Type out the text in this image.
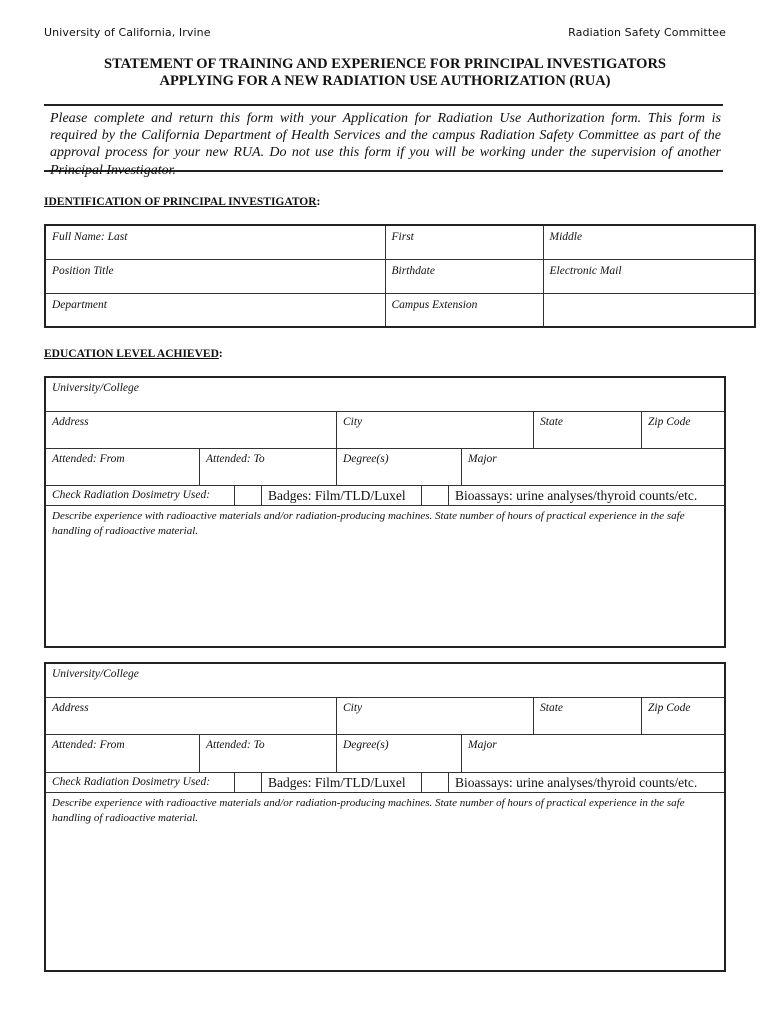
University of California, Irvine	Radiation Safety Committee
STATEMENT OF TRAINING AND EXPERIENCE FOR PRINCIPAL INVESTIGATORS
APPLYING FOR A NEW RADIATION USE AUTHORIZATION (RUA)
Please complete and return this form with your Application for Radiation Use Authorization form. This form is required by the California Department of Health Services and the campus Radiation Safety Committee as part of the approval process for your new RUA. Do not use this form if you will be working under the supervision of another Principal Investigator.
IDENTIFICATION OF PRINCIPAL INVESTIGATOR:
Full Name: Last	First	Middle
Position Title	Birthdate	Electronic Mail
Department	Campus Extension	
EDUCATION LEVEL ACHIEVED:
University/College
Address	City	State	Zip Code
Attended: From	Attended: To	Degree(s)	Major
Check Radiation Dosimetry Used:	Badges: Film/TLD/Luxel	Bioassays: urine analyses/thyroid counts/etc.
Describe experience with radioactive materials and/or radiation-producing machines. State number of hours of practical experience in the safe handling of radioactive material.
University/College
Address	City	State	Zip Code
Attended: From	Attended: To	Degree(s)	Major
Check Radiation Dosimetry Used:	Badges: Film/TLD/Luxel	Bioassays: urine analyses/thyroid counts/etc.
Describe experience with radioactive materials and/or radiation-producing machines. State number of hours of practical experience in the safe handling of radioactive material.
